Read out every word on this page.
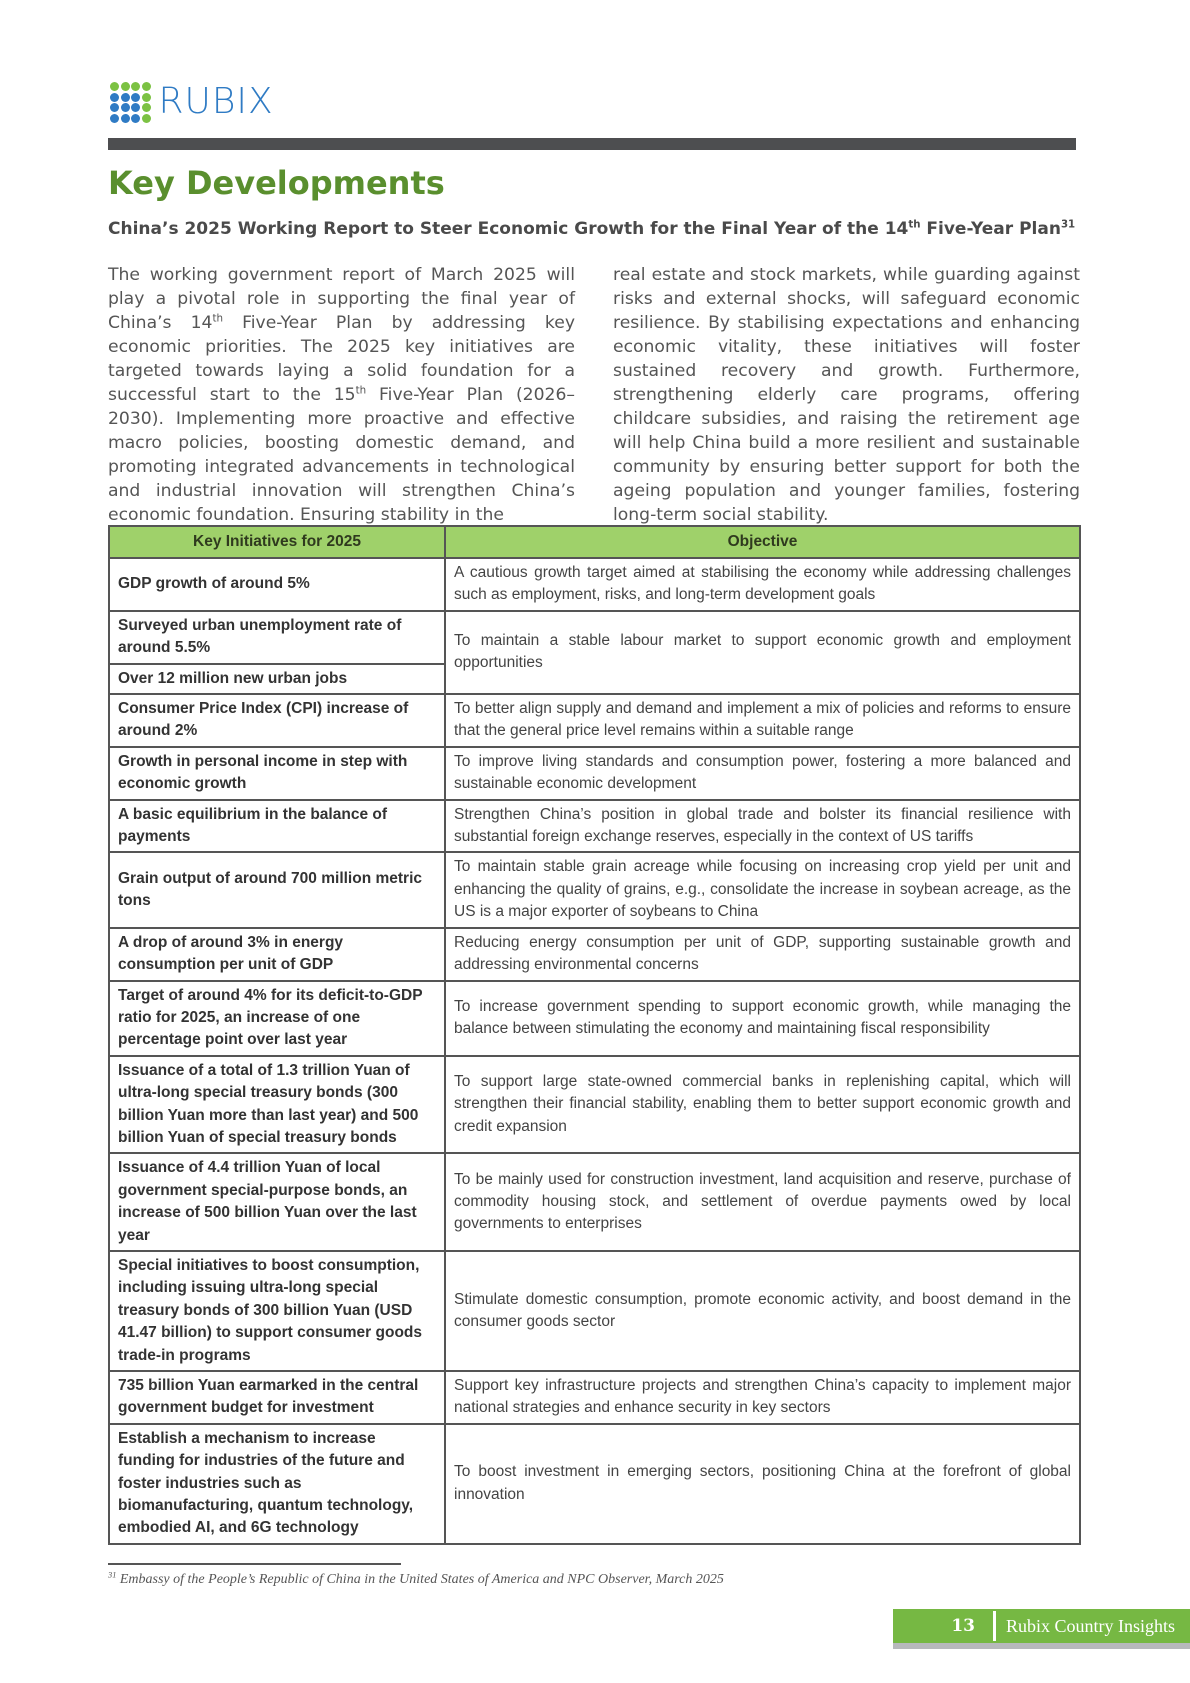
RUBIX
Key Developments
China’s 2025 Working Report to Steer Economic Growth for the Final Year of the 14th Five-Year Plan$^{31}$
The working government report of March 2025 will play a pivotal role in supporting the final year of China’s 14th Five-Year Plan by addressing key economic priorities. The 2025 key initiatives are targeted towards laying a solid foundation for a successful start to the 15th Five-Year Plan (2026–2030). Implementing more proactive and effective macro policies, boosting domestic demand, and promoting integrated advancements in technological and industrial innovation will strengthen China’s economic foundation. Ensuring stability in the
real estate and stock markets, while guarding against risks and external shocks, will safeguard economic resilience. By stabilising expectations and enhancing economic vitality, these initiatives will foster sustained recovery and growth. Furthermore, strengthening elderly care programs, offering childcare subsidies, and raising the retirement age will help China build a more resilient and sustainable community by ensuring better support for both the ageing population and younger families, fostering long-term social stability.
Key Initiatives for 2025	Objective
GDP growth of around 5%	A cautious growth target aimed at stabilising the economy while addressing challenges such as employment, risks, and long-term development goals
Surveyed urban unemployment rate of around 5.5%	To maintain a stable labour market to support economic growth and employment opportunities
Over 12 million new urban jobs	
Consumer Price Index (CPI) increase of around 2%	To better align supply and demand and implement a mix of policies and reforms to ensure that the general price level remains within a suitable range
Growth in personal income in step with economic growth	To improve living standards and consumption power, fostering a more balanced and sustainable economic development
A basic equilibrium in the balance of payments	Strengthen China’s position in global trade and bolster its financial resilience with substantial foreign exchange reserves, especially in the context of US tariffs
Grain output of around 700 million metric tons	To maintain stable grain acreage while focusing on increasing crop yield per unit and enhancing the quality of grains, e.g., consolidate the increase in soybean acreage, as the US is a major exporter of soybeans to China
A drop of around 3% in energy consumption per unit of GDP	Reducing energy consumption per unit of GDP, supporting sustainable growth and addressing environmental concerns
Target of around 4% for its deficit-to-GDP ratio for 2025, an increase of one percentage point over last year	To increase government spending to support economic growth, while managing the balance between stimulating the economy and maintaining fiscal responsibility
Issuance of a total of 1.3 trillion Yuan of ultra-long special treasury bonds (300 billion Yuan more than last year) and 500 billion Yuan of special treasury bonds	To support large state-owned commercial banks in replenishing capital, which will strengthen their financial stability, enabling them to better support economic growth and credit expansion
Issuance of 4.4 trillion Yuan of local government special-purpose bonds, an increase of 500 billion Yuan over the last year	To be mainly used for construction investment, land acquisition and reserve, purchase of commodity housing stock, and settlement of overdue payments owed by local governments to enterprises
Special initiatives to boost consumption, including issuing ultra-long special treasury bonds of 300 billion Yuan (USD 41.47 billion) to support consumer goods trade-in programs	Stimulate domestic consumption, promote economic activity, and boost demand in the consumer goods sector
735 billion Yuan earmarked in the central government budget for investment	Support key infrastructure projects and strengthen China’s capacity to implement major national strategies and enhance security in key sectors
Establish a mechanism to increase funding for industries of the future and foster industries such as biomanufacturing, quantum technology, embodied AI, and 6G technology	To boost investment in emerging sectors, positioning China at the forefront of global innovation
$^{31}$ Embassy of the People’s Republic of China in the United States of America and NPC Observer, March 2025
13	Rubix Country Insights
